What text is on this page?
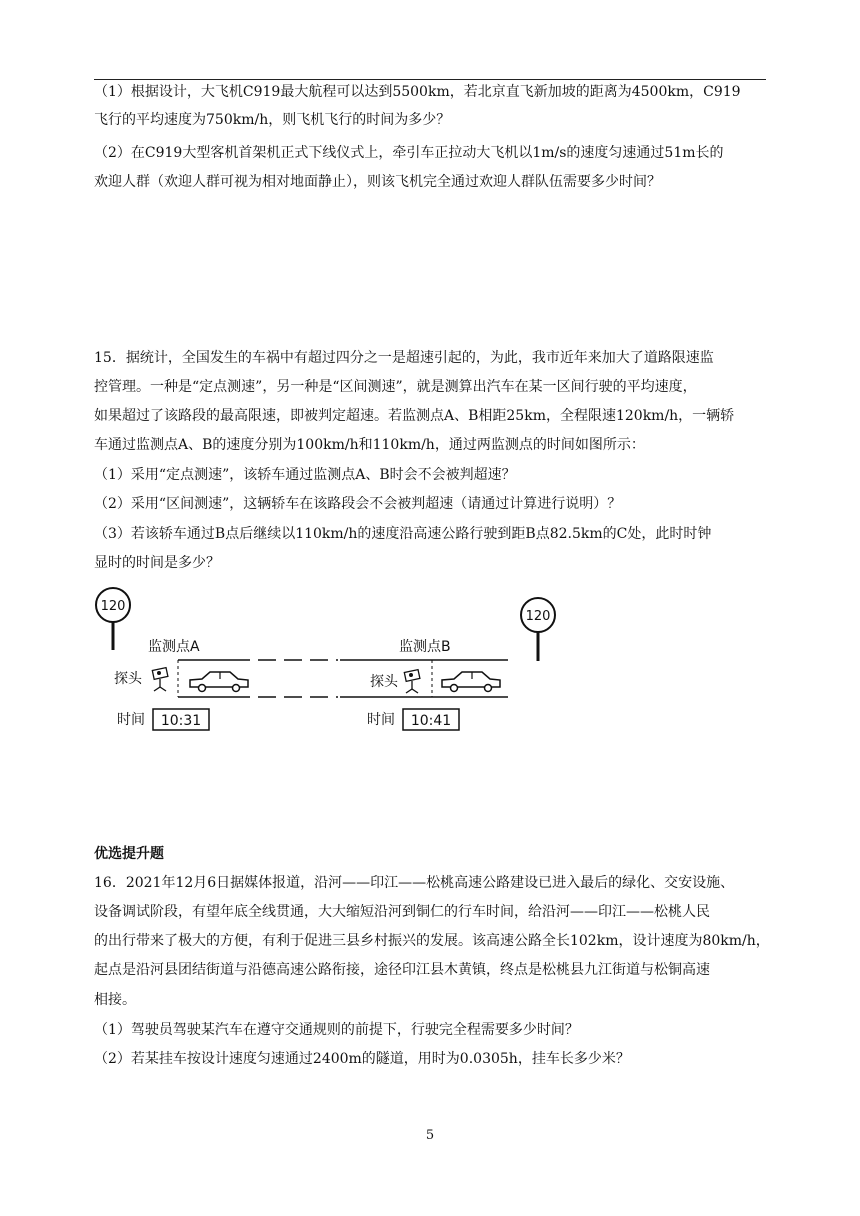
（1）根据设计，大飞机C919最大航程可以达到5500km，若北京直飞新加坡的距离为4500km，C919
飞行的平均速度为750km/h，则飞机飞行的时间为多少？
（2）在C919大型客机首架机正式下线仪式上，牵引车正拉动大飞机以1m/s的速度匀速通过51m长的
欢迎人群（欢迎人群可视为相对地面静止），则该飞机完全通过欢迎人群队伍需要多少时间？
15．据统计，全国发生的车祸中有超过四分之一是超速引起的，为此，我市近年来加大了道路限速监
控管理。一种是“定点测速”，另一种是“区间测速”，就是测算出汽车在某一区间行驶的平均速度，
如果超过了该路段的最高限速，即被判定超速。若监测点A、B相距25km，全程限速120km/h，一辆轿
车通过监测点A、B的速度分别为100km/h和110km/h，通过两监测点的时间如图所示：
（1）采用“定点测速”，该轿车通过监测点A、B时会不会被判超速？
（2）采用“区间测速”，这辆轿车在该路段会不会被判超速（请通过计算进行说明）？
（3）若该轿车通过B点后继续以110km/h的速度沿高速公路行驶到距B点82.5km的C处，此时时钟
显时的时间是多少？
120
120
监测点A	监测点B
探头	探头
时间 10:31	时间 10:41
优选提升题
16．2021年12月6日据媒体报道，沿河——印江——松桃高速公路建设已进入最后的绿化、交安设施、
设备调试阶段，有望年底全线贯通，大大缩短沿河到铜仁的行车时间，给沿河——印江——松桃人民
的出行带来了极大的方便，有利于促进三县乡村振兴的发展。该高速公路全长102km，设计速度为80km/h，
起点是沿河县团结街道与沿德高速公路衔接，途径印江县木黄镇，终点是松桃县九江街道与松铜高速
相接。
（1）驾驶员驾驶某汽车在遵守交通规则的前提下，行驶完全程需要多少时间？
（2）若某挂车按设计速度匀速通过2400m的隧道，用时为0.0305h，挂车长多少米？
5
